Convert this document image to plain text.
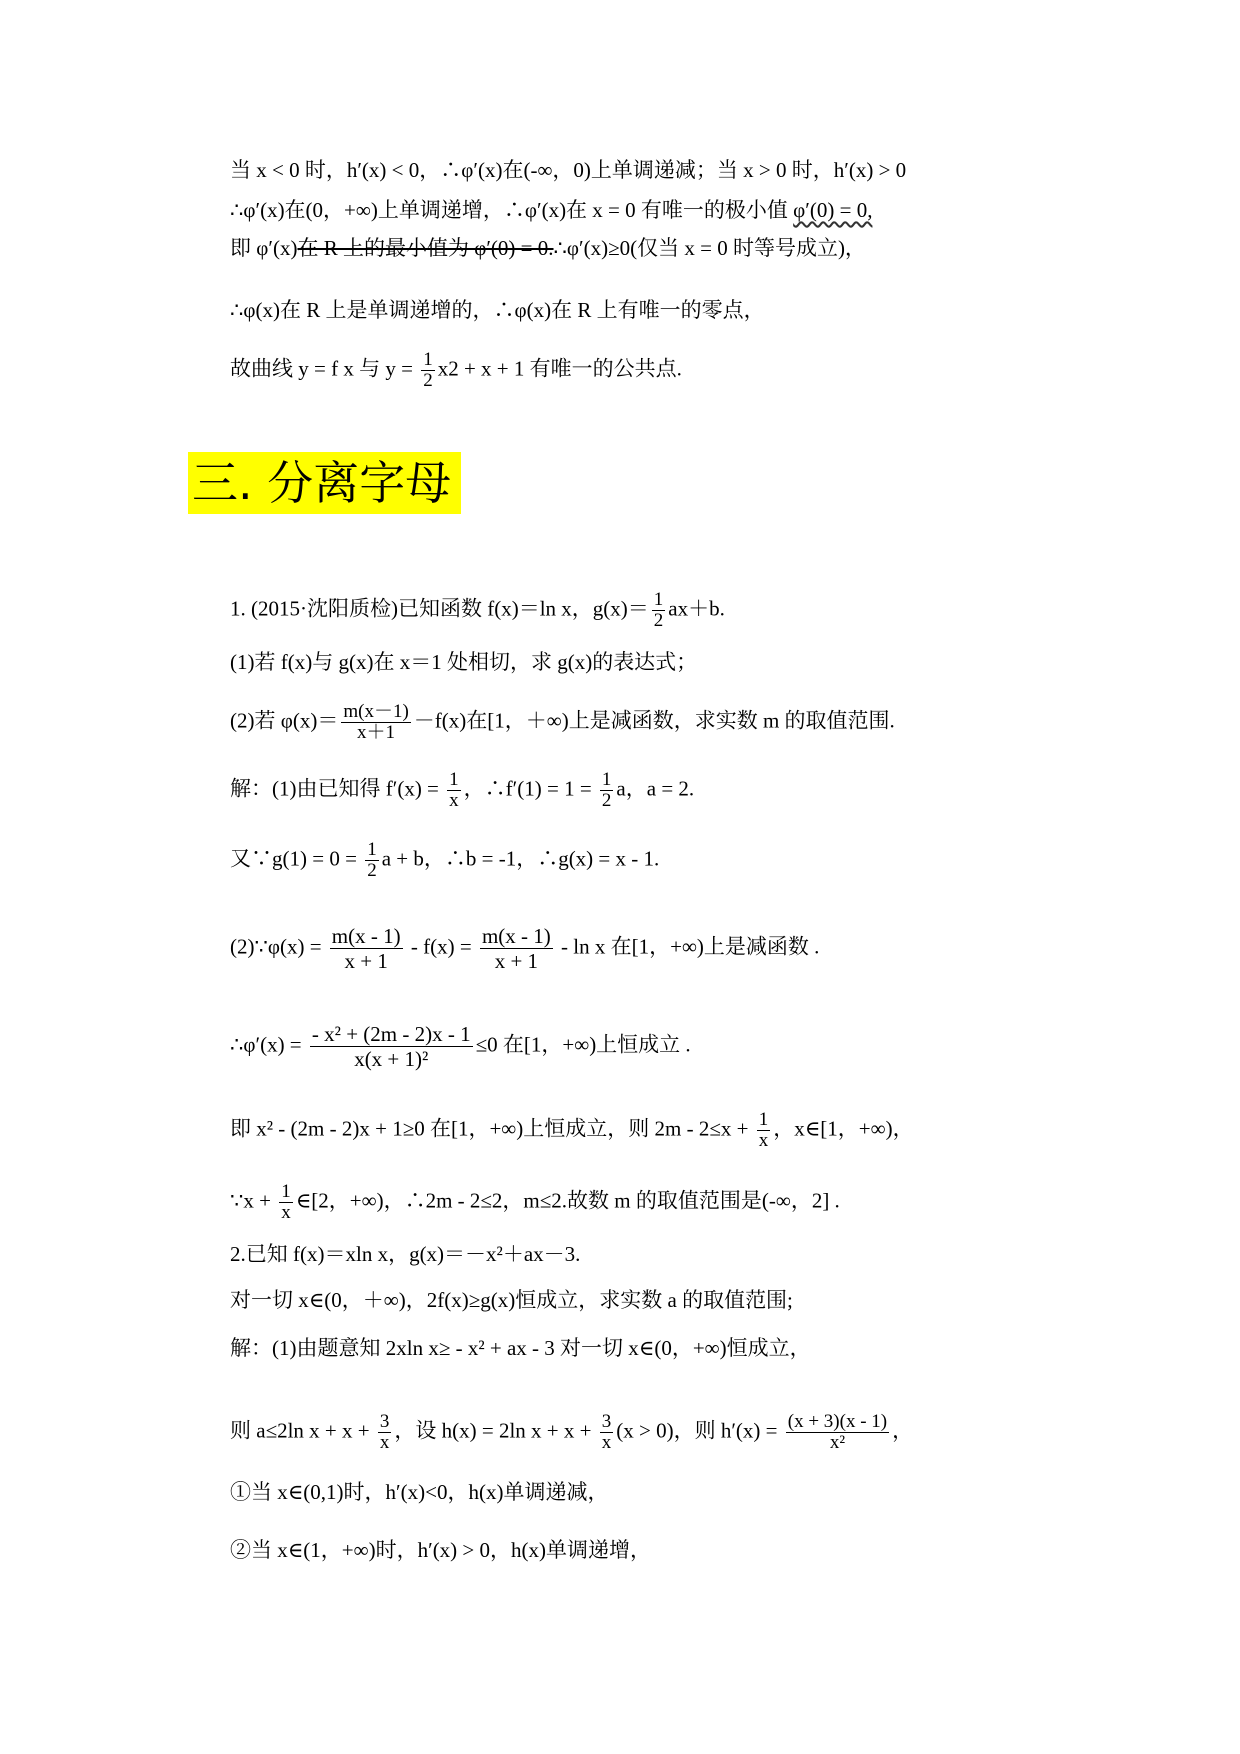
当 x < 0 时，h′(x) < 0，∴φ′(x)在(-∞，0)上单调递减；当 x > 0 时，h′(x) > 0
∴φ′(x)在(0，+∞)上单调递增，∴φ′(x)在 x = 0 有唯一的极小值 φ′(0) = 0,
即 φ′(x)在 R 上的最小值为 φ′(0) = 0.∴φ′(x)≥0(仅当 x = 0 时等号成立)，
∴φ(x)在 R 上是单调递增的，∴φ(x)在 R 上有唯一的零点，
故曲线 y = f x 与 $y = \frac{1}{2} x2 + x + 1$ 有唯一的公共点.
三. 分离字母
1. (2015·沈阳质检)已知函数 f(x)＝ln x，$g(x)= \frac{1}{2} ax+b$.
(1)若 f(x)与 g(x)在 x＝1 处相切，求 g(x)的表达式；
(2)若 $\varphi(x)= \frac{m(x-1)}{x+1} -f(x)$在[1，＋∞)上是减函数，求实数 m 的取值范围.
解：(1)由已知得 $f'(x) = \frac{1}{x}$ ，∴f′(1) = $1 = \frac{1}{2}$ a，a = 2.
又∵g(1) = $0 = \frac{1}{2}$ a + b，∴b = -1，∴g(x) = x - 1.
(2)∵φ(x) = $\frac{m(x - 1)}{x + 1} - f(x) = \frac{m(x - 1)}{x + 1} - \ln x$ 在[1，+∞)上是减函数 .
∴φ′(x) = $\frac{\text{- x² + (2m - 2)x - 1}}{\text{x(x + 1)²}} \le 0$ 在[1，+∞)上恒成立 .
即 x² - (2m - 2)x + 1≥0 在[1，+∞)上恒成立，则 $2m - 2\le x + \frac{1}{x}$ ，x∈[1，+∞)，
∵x + $\frac{1}{x}$ ∈[2，+∞)，∴2m - 2≤2，m≤2.故数 m 的取值范围是(-∞，2] .
2.已知 f(x)＝xln x，g(x)＝－x²＋ax－3.
对一切 x∈(0，＋∞)，2f(x)≥g(x)恒成立，求实数 a 的取值范围;
解：(1)由题意知 2xln x≥ - x² + ax - 3 对一切 x∈(0，+∞)恒成立，
则 a≤2ln $x + x + \frac{3}{x}$ ，设 h(x) = 2ln $x + x + \frac{3}{x} (x > 0)$，则 $h'(x) = \frac{(x + 3)(x - 1)}{\text{x²}}$ ，
①当 x∈(0,1)时，h′(x)<0，h(x)单调递减，
②当 x∈(1，+∞)时，h′(x) > 0，h(x)单调递增，
